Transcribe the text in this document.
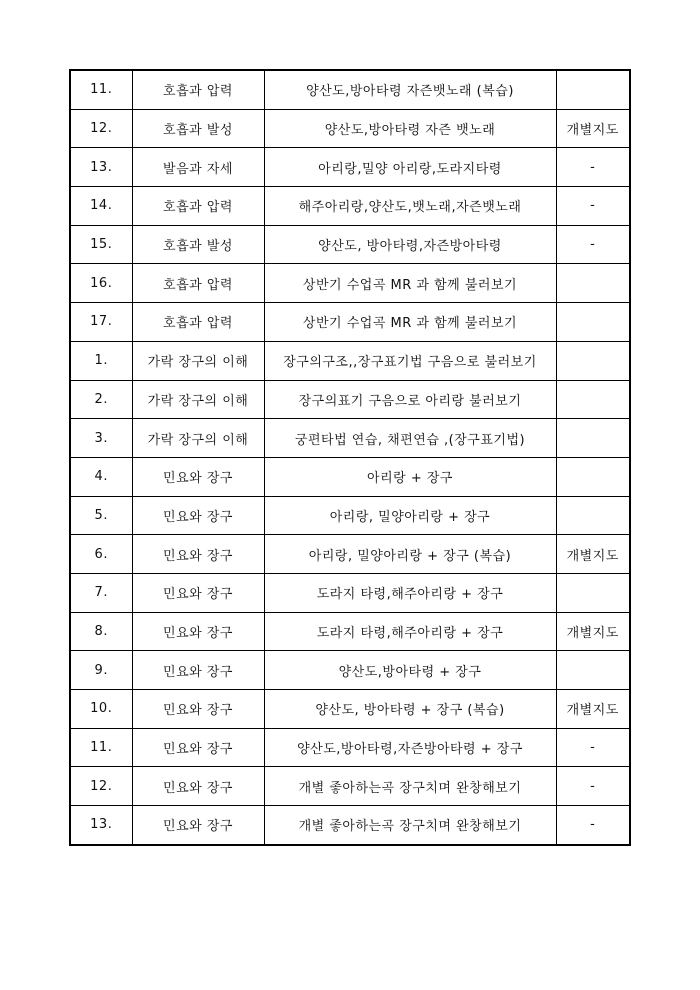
11.	호흡과 압력	양산도,방아타령 자즌뱃노래 (복습)	
12.	호흡과 발성	양산도,방아타령 자즌 뱃노래	개별지도
13.	발음과 자세	아리랑,밀양 아리랑,도라지타령	-
14.	호흡과 압력	해주아리랑,양산도,뱃노래,자즌뱃노래	-
15.	호흡과 발성	양산도, 방아타령,자즌방아타령	-
16.	호흡과 압력	상반기 수업곡 MR 과 함께 불러보기	
17.	호흡과 압력	상반기 수업곡 MR 과 함께 불러보기	
1.	가락 장구의 이해	장구의구조,,장구표기법 구음으로 불러보기	
2.	가락 장구의 이해	장구의표기 구음으로 아리랑 불러보기	
3.	가락 장구의 이해	궁편타법 연습, 채편연습 ,(장구표기법)	
4.	민요와 장구	아리랑 + 장구	
5.	민요와 장구	아리랑, 밀양아리랑 + 장구	
6.	민요와 장구	아리랑, 밀양아리랑 + 장구 (복습)	개별지도
7.	민요와 장구	도라지 타령,해주아리랑 + 장구	
8.	민요와 장구	도라지 타령,해주아리랑 + 장구	개별지도
9.	민요와 장구	양산도,방아타령 + 장구	
10.	민요와 장구	양산도, 방아타령 + 장구 (복습)	개별지도
11.	민요와 장구	양산도,방아타령,자즌방아타령 + 장구	-
12.	민요와 장구	개별 좋아하는곡 장구치며 완창해보기	-
13.	민요와 장구	개별 좋아하는곡 장구치며 완창해보기	-
